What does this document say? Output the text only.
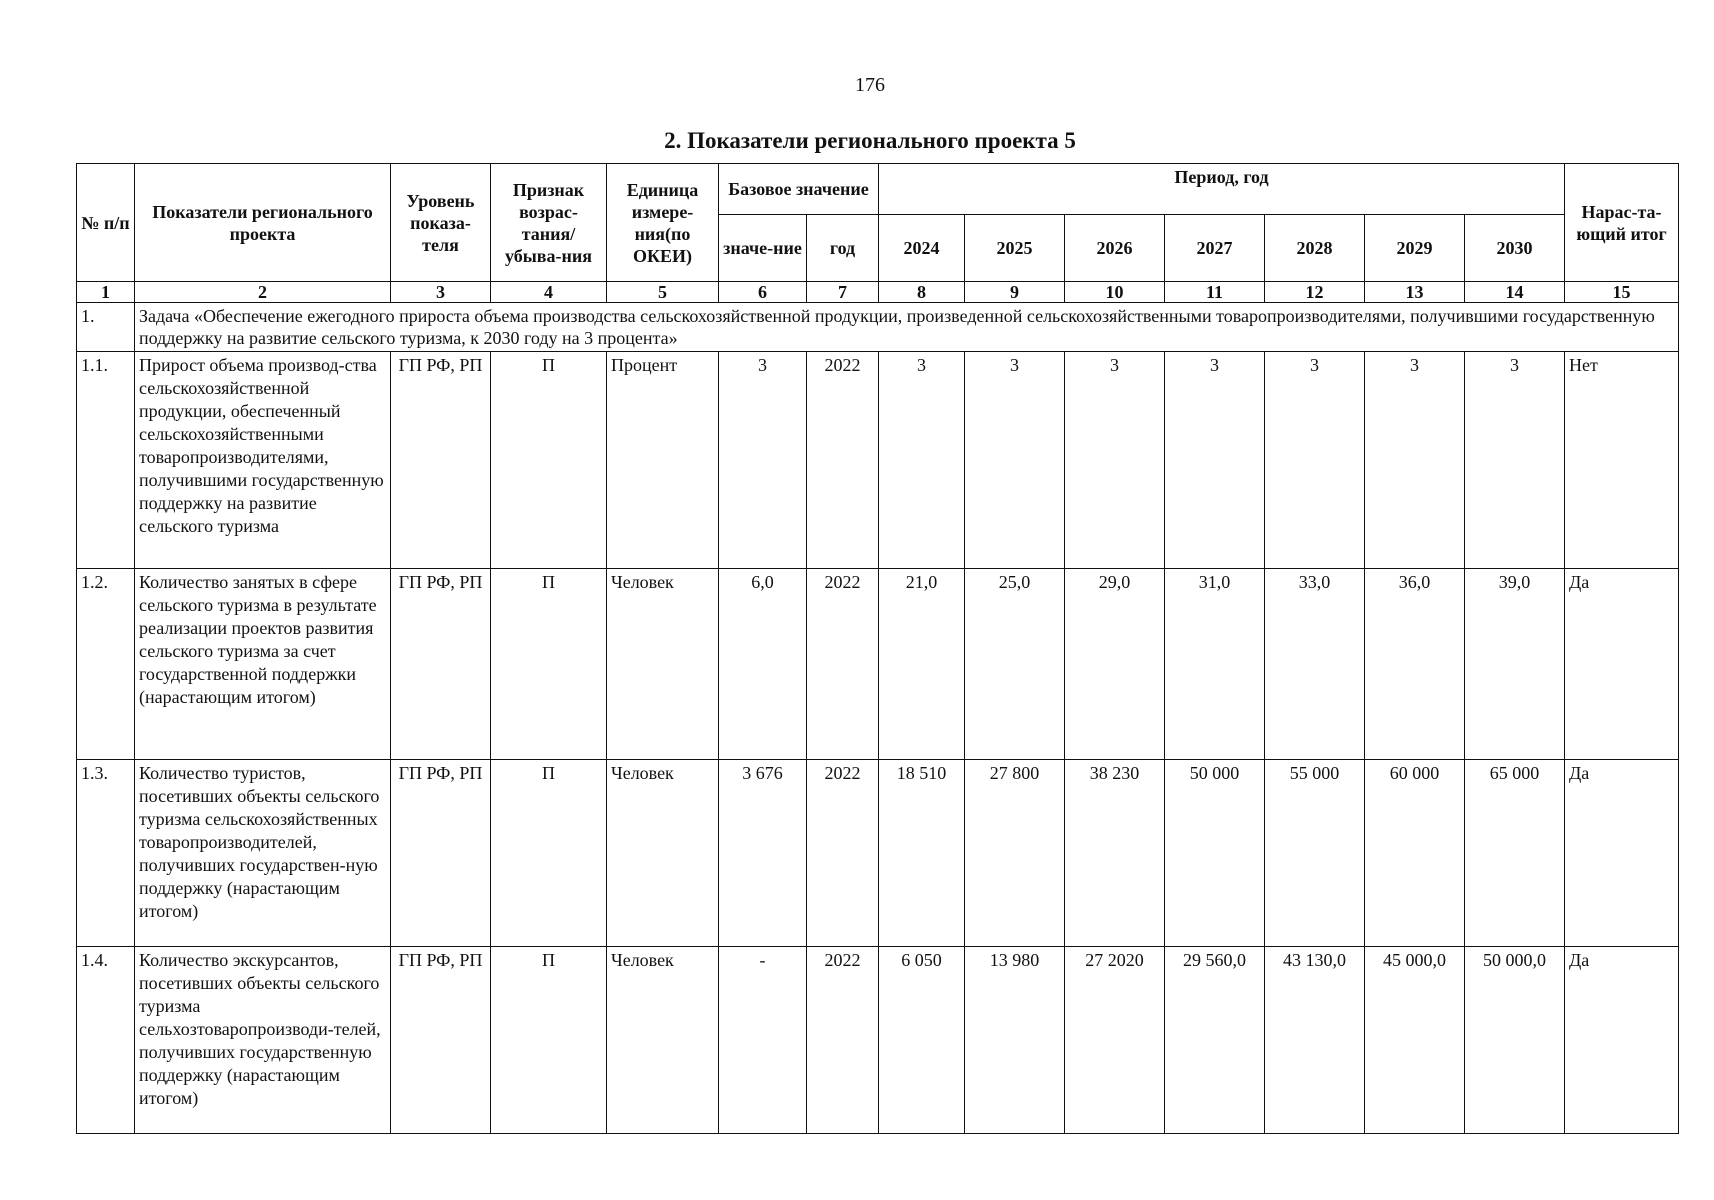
176
2. Показатели регионального проекта 5
№ п/п	Показатели регионального проекта	Уровень показа-теля	Признак возрас-тания/ убыва-ния	Единица измере-ния(по ОКЕИ)	Базовое значение		Период, год							Нарас-та-ющий итог
					значе-ние	год	2024	2025	2026	2027	2028	2029	2030	
1	2	3	4	5	6	7	8	9	10	11	12	13	14	15
1.	Задача «Обеспечение ежегодного прироста объема производства сельскохозяйственной продукции, произведенной сельскохозяйственными товаропроизводителями, получившими государственную поддержку на развитие сельского туризма, к 2030 году на 3 процента»													
1.1.	Прирост объема производ-ства сельскохозяйственной продукции, обеспеченный сельскохозяйственными товаропроизводителями, получившими государственную поддержку на развитие сельского туризма	ГП РФ, РП	П	Процент	3	2022	3	3	3	3	3	3	3	Нет
1.2.	Количество занятых в сфере сельского туризма в результате реализации проектов развития сельского туризма за счет государственной поддержки (нарастающим итогом)	ГП РФ, РП	П	Человек	6,0	2022	21,0	25,0	29,0	31,0	33,0	36,0	39,0	Да
1.3.	Количество туристов, посетивших объекты сельского туризма сельскохозяйственных товаропроизводителей, получивших государствен-ную поддержку (нарастающим итогом)	ГП РФ, РП	П	Человек	3 676	2022	18 510	27 800	38 230	50 000	55 000	60 000	65 000	Да
1.4.	Количество экскурсантов, посетивших объекты сельского туризма сельхозтоваропроизводи-телей, получивших государственную поддержку (нарастающим итогом)	ГП РФ, РП	П	Человек	-	2022	6 050	13 980	27 2020	29 560,0	43 130,0	45 000,0	50 000,0	Да
